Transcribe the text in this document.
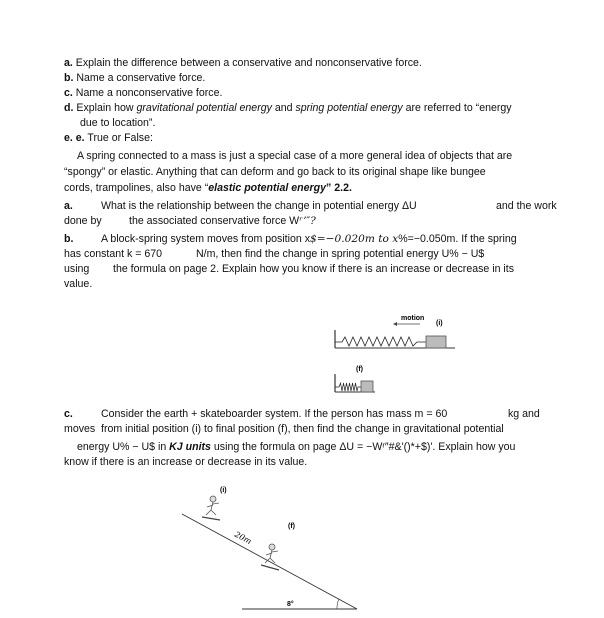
a. Explain the difference between a conservative and nonconservative force.
b. Name a conservative force.
c. Name a nonconservative force.
d. Explain how gravitational potential energy and spring potential energy are referred to “energy
due to location”.
e. e. True or False:
A spring connected to a mass is just a special case of a more general idea of objects that are
“spongy” or elastic. Anything that can deform and go back to its original shape like bungee
cords, trampolines, also have “elastic potential energy” 2.2.
a.	What is the relationship between the change in potential energy ΔU	and the work
done by	the associated conservative force Wʳʼ″?
b.	A block-spring system moves from position x$=−0.020m to x%=−0.050m. If the spring
has constant k = 670	N/m, then find the change in spring potential energy U% − U$
using the formula on page 2. Explain how you know if there is an increase or decrease in its
value.
motion
(i)
(f)
c.	Consider the earth + skateboarder system. If the person has mass m = 60	kg and
moves from initial position (i) to final position (f), then find the change in gravitational potential
energy U% − U$ in KJ units using the formula on page ΔU = −Wʳ″#&'()*+$)'. Explain how you
know if there is an increase or decrease in its value.
8°
(i)
(f)
20m
